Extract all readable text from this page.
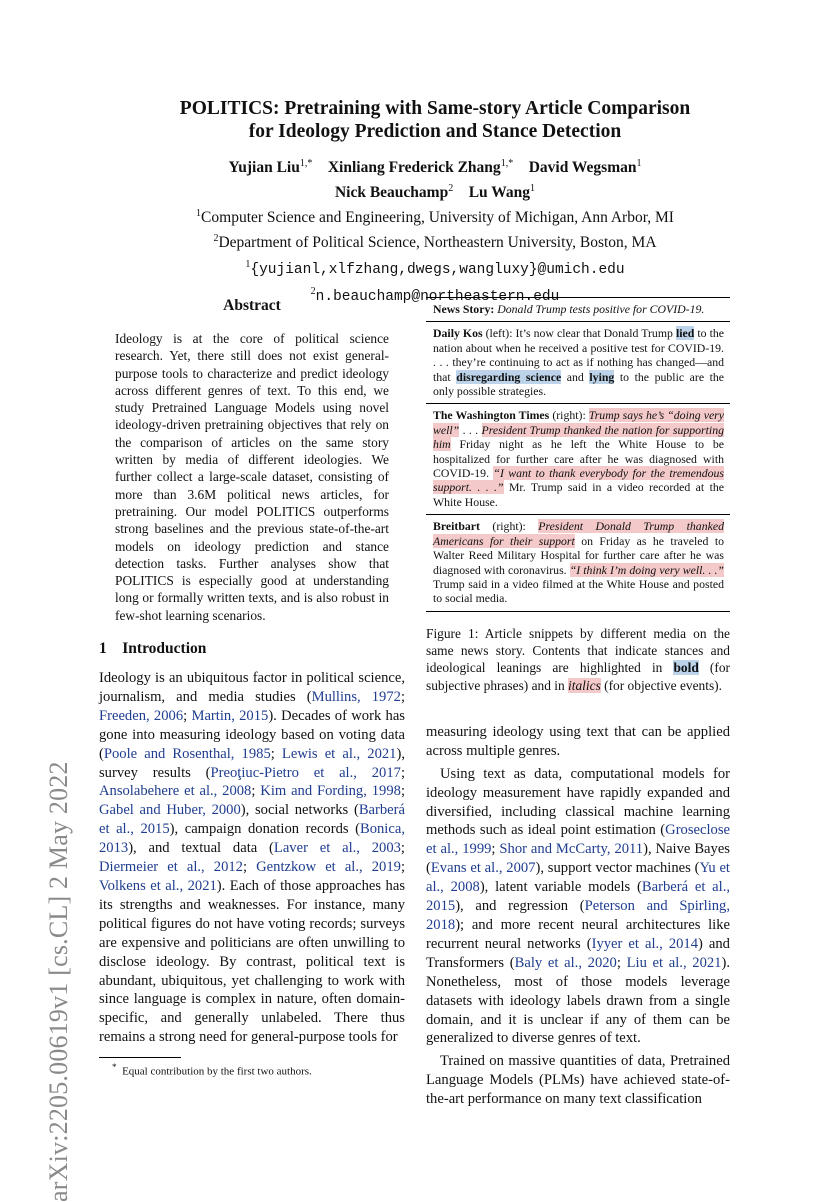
arXiv:2205.00619v1 [cs.CL] 2 May 2022
POLITICS: Pretraining with Same-story Article Comparison
for Ideology Prediction and Stance Detection
Yujian Liu$^{1,*}$ Xinliang Frederick Zhang$^{1,*}$ David Wegsman$^1$
Nick Beauchamp$^2$ Lu Wang$^1$
$^1$Computer Science and Engineering, University of Michigan, Ann Arbor, MI
$^2$Department of Political Science, Northeastern University, Boston, MA
$^1${yujianl,xlfzhang,dwegs,wangluxy}@umich.edu
$^2$n.beauchamp@northeastern.edu
Abstract
Ideology is at the core of political science research. Yet, there still does not exist general-purpose tools to characterize and predict ideology across different genres of text. To this end, we study Pretrained Language Models using novel ideology-driven pretraining objectives that rely on the comparison of articles on the same story written by media of different ideologies. We further collect a large-scale dataset, consisting of more than 3.6M political news articles, for pretraining. Our model POLITICS outperforms strong baselines and the previous state-of-the-art models on ideology prediction and stance detection tasks. Further analyses show that POLITICS is especially good at understanding long or formally written texts, and is also robust in few-shot learning scenarios.
1 Introduction
Ideology is an ubiquitous factor in political science, journalism, and media studies (Mullins, 1972; Freeden, 2006; Martin, 2015). Decades of work has gone into measuring ideology based on voting data (Poole and Rosenthal, 1985; Lewis et al., 2021), survey results (Preoţiuc-Pietro et al., 2017; Ansolabehere et al., 2008; Kim and Fording, 1998; Gabel and Huber, 2000), social networks (Barberá et al., 2015), campaign donation records (Bonica, 2013), and textual data (Laver et al., 2003; Diermeier et al., 2012; Gentzkow et al., 2019; Volkens et al., 2021). Each of those approaches has its strengths and weaknesses. For instance, many political figures do not have voting records; surveys are expensive and politicians are often unwilling to disclose ideology. By contrast, political text is abundant, ubiquitous, yet challenging to work with since language is complex in nature, often domain-specific, and generally unlabeled. There thus remains a strong need for general-purpose tools for
* Equal contribution by the first two authors.
News Story: Donald Trump tests positive for COVID-19.
Daily Kos (left): It’s now clear that Donald Trump lied to the nation about when he received a positive test for COVID-19. . . . they’re continuing to act as if nothing has changed—and that disregarding science and lying to the public are the only possible strategies.
The Washington Times (right): Trump says he’s “doing very well” . . . President Trump thanked the nation for supporting him Friday night as he left the White House to be hospitalized for further care after he was diagnosed with COVID-19. “I want to thank everybody for the tremendous support. . . .” Mr. Trump said in a video recorded at the White House.
Breitbart (right): President Donald Trump thanked Americans for their support on Friday as he traveled to Walter Reed Military Hospital for further care after he was diagnosed with coronavirus. “I think I’m doing very well. . .” Trump said in a video filmed at the White House and posted to social media.
Figure 1: Article snippets by different media on the same news story. Contents that indicate stances and ideological leanings are highlighted in bold (for subjective phrases) and in italics (for objective events).
measuring ideology using text that can be applied across multiple genres.
Using text as data, computational models for ideology measurement have rapidly expanded and diversified, including classical machine learning methods such as ideal point estimation (Groseclose et al., 1999; Shor and McCarty, 2011), Naive Bayes (Evans et al., 2007), support vector machines (Yu et al., 2008), latent variable models (Barberá et al., 2015), and regression (Peterson and Spirling, 2018); and more recent neural architectures like recurrent neural networks (Iyyer et al., 2014) and Transformers (Baly et al., 2020; Liu et al., 2021). Nonetheless, most of those models leverage datasets with ideology labels drawn from a single domain, and it is unclear if any of them can be generalized to diverse genres of text.
Trained on massive quantities of data, Pretrained Language Models (PLMs) have achieved state-of-the-art performance on many text classification
